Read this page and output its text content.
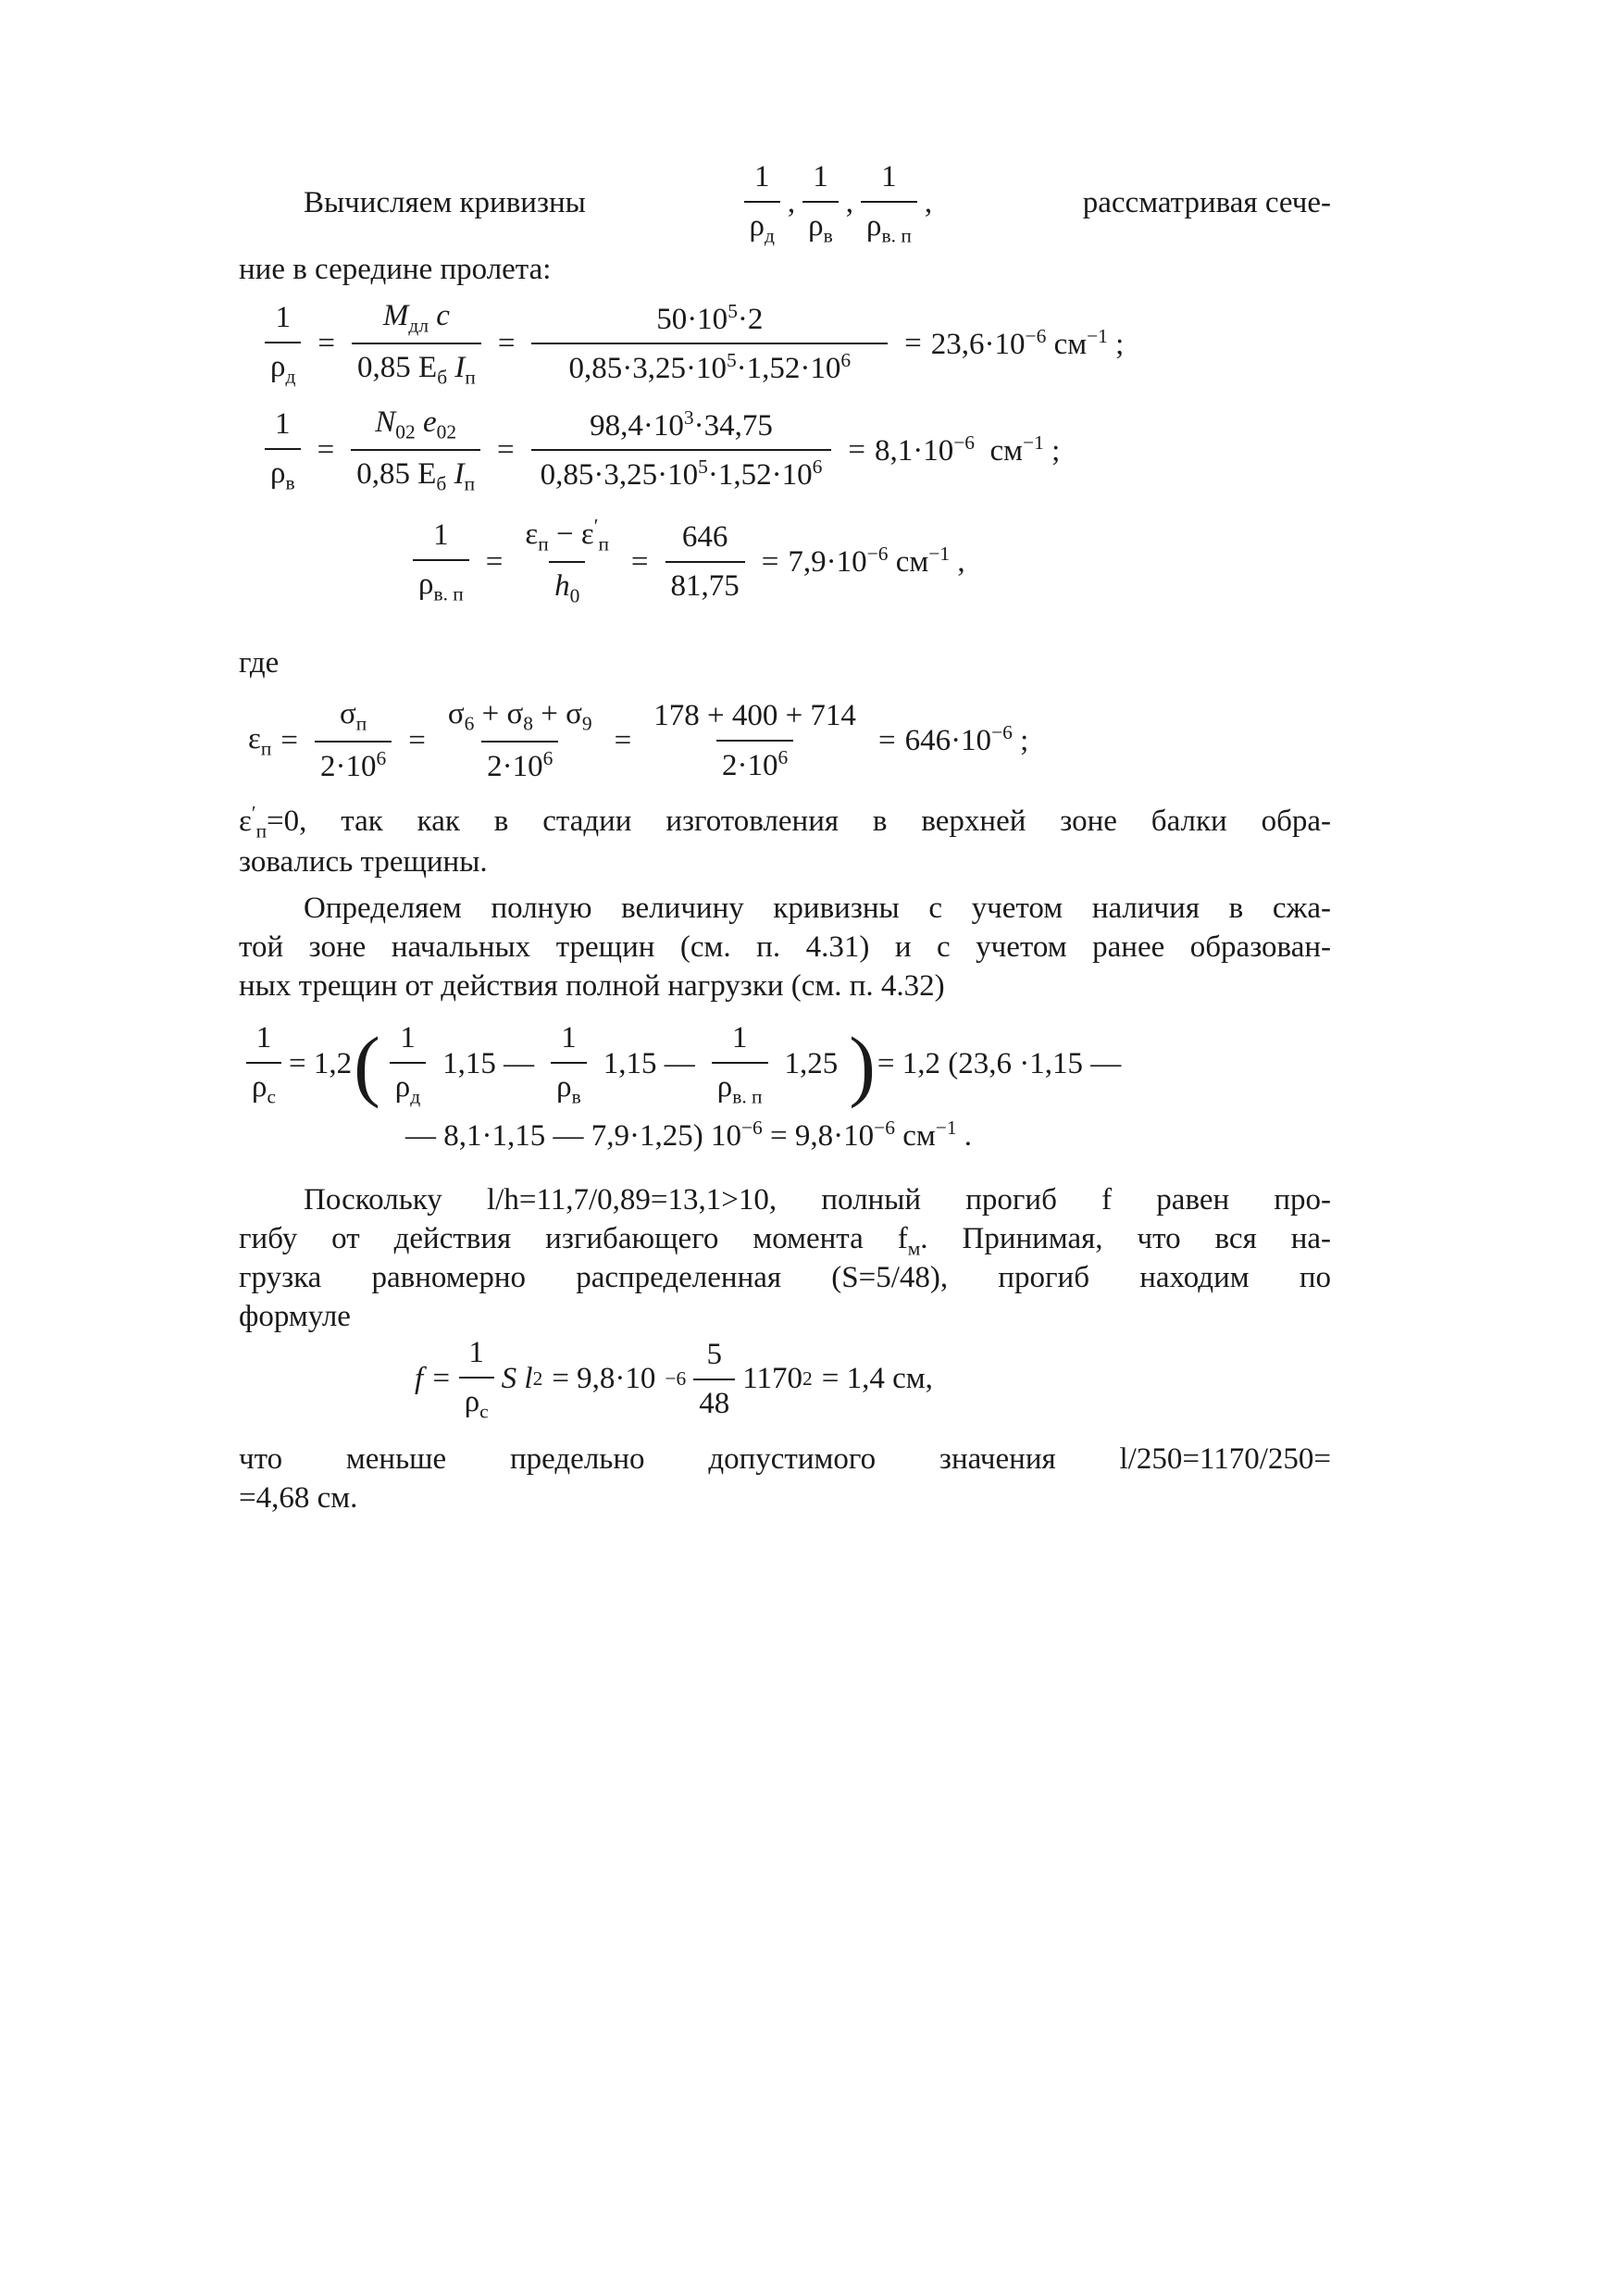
Вычисляем кривизны	$\frac{1}{\rho_д}$ , $\frac{1}{\rho_в}$ , $\frac{1}{\rho_{в. п}}$ ,	рассматривая сече-
ние в середине пролета:
$\frac{1}{\rho_д} = \frac{M_{дл} c}{0,85 E_б I_п} = \frac{50\cdot 10^5\cdot 2}{0,85\cdot 3,25\cdot 10^5\cdot 1,52\cdot 10^6} = 23,6\cdot 10^{-6}$ $см^{-1}$ ;
$\frac{1}{\rho_в} = \frac{N_{02} e_{02}}{0,85 E_б I_п} = \frac{98,4\cdot 10^3\cdot 34,75}{0,85\cdot 3,25\cdot 10^5\cdot 1,52\cdot 10^6} = 8,1\cdot 10^{-6}$ $см^{-1}$ ;
$\frac{1}{\rho_{в. п}} = \frac{\varepsilon_п - \varepsilon'_п}{h_0} = \frac{646}{81,75} = 7,9\cdot 10^{-6}$ $см^{-1}$ ,
где
$\varepsilon_п = \frac{\sigma_п}{2\cdot 10^6} = \frac{\sigma_6 + \sigma_8 + \sigma_9}{2\cdot 10^6} = \frac{178 + 400 + 714}{2\cdot 10^6} = 646\cdot 10^{-6}$ ;
$\varepsilon'_п=0$, так как в стадии изготовления в верхней зоне балки обра-
зовались трещины.
Определяем полную величину кривизны с учетом наличия в сжа-
той зоне начальных трещин (см. п. 4.31) и с учетом ранее образован-
ных трещин от действия полной нагрузки (см. п. 4.32)
$\frac{1}{\rho_с} = 1,2$ ( $\frac{1}{\rho_д} 1,15$ — $\frac{1}{\rho_в} 1,15$ — $\frac{1}{\rho_{в. п}} 1,25$ ) = 1,2 (23,6 ·1,15 —
— 8,1·1,15 — 7,9·1,25) $10^{-6} = 9,8\cdot 10^{-6}$ $см^{-1}$ .
Поскольку l/h=11,7/0,89=13,1>10, полный прогиб f равен про-
гибу от действия изгибающего момента $f_м$. Принимая, что вся на-
грузка равномерно распределенная (S=5/48), прогиб находим по
формуле
$f = \frac{1}{\rho_с}$ S l $2 = 9,8\cdot 10 -6 \frac{5}{48} 1170$ 2 = 1,4 см,
что меньше предельно допустимого значения l/250=1170/250=
=4,68 см.
